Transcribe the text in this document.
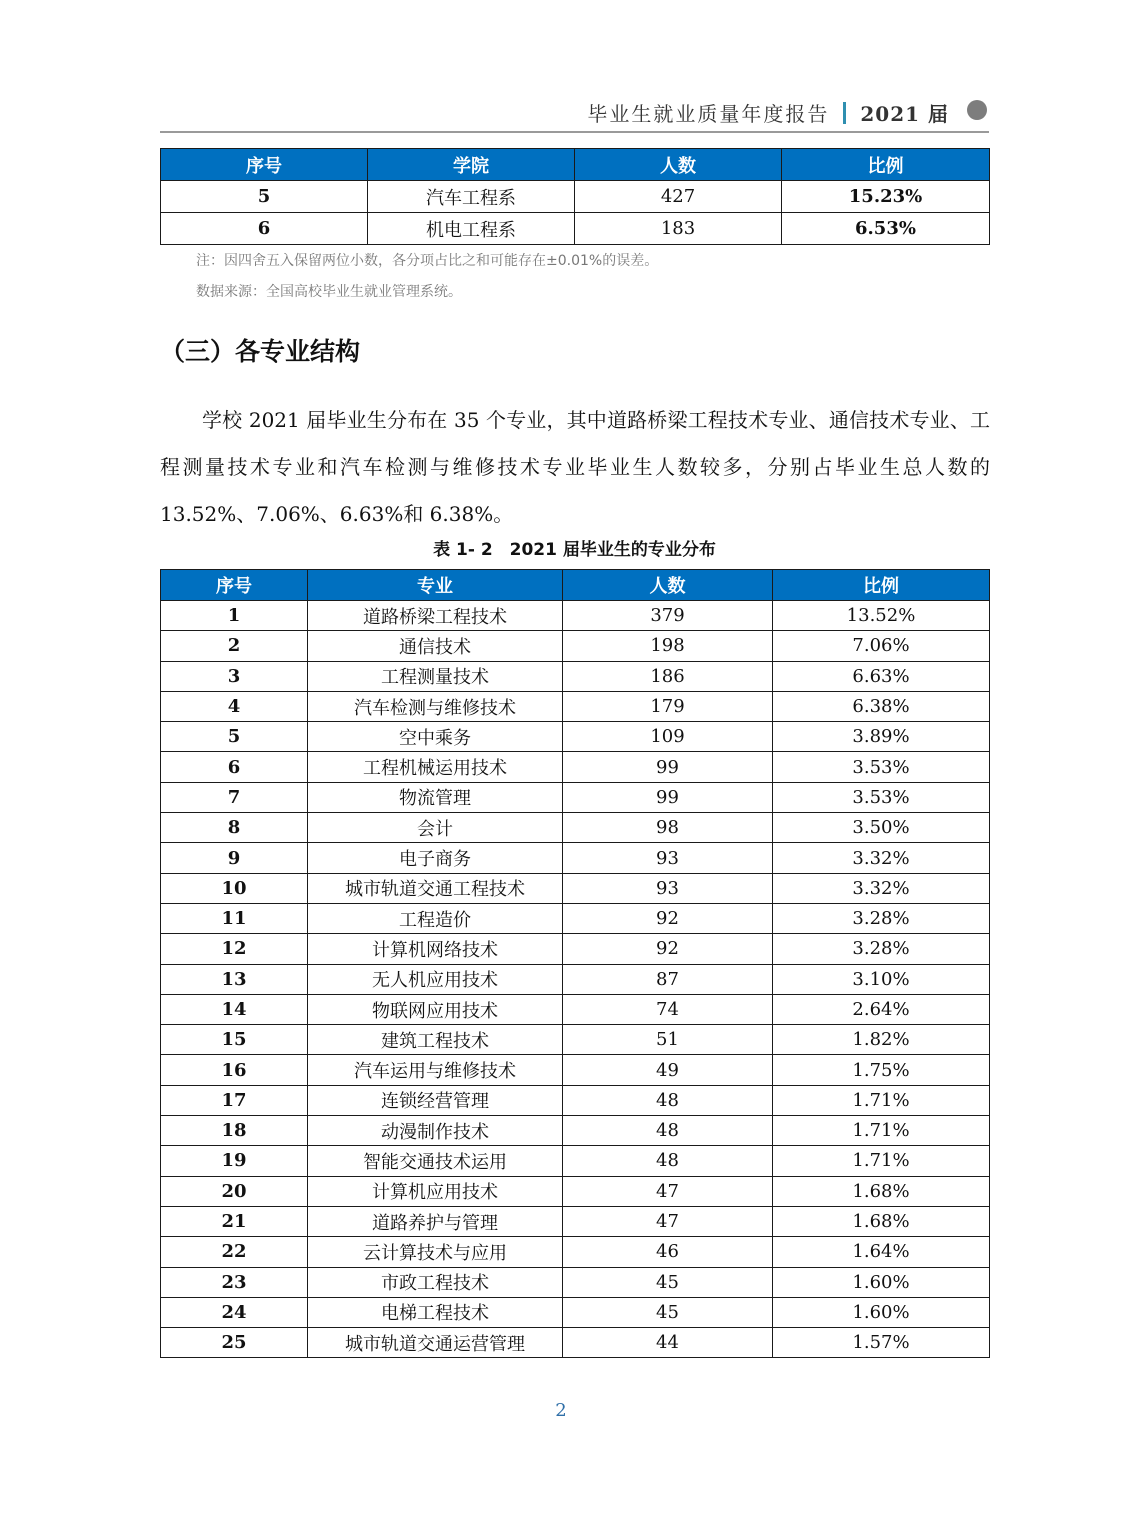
毕业生就业质量年度报告 2021 届
序号	学院	人数	比例
5	汽车工程系	427	15.23%
6	机电工程系	183	6.53%
注：因四舍五入保留两位小数，各分项占比之和可能存在±0.01%的误差。
数据来源：全国高校毕业生就业管理系统。
（三）各专业结构
学校 2021 届毕业生分布在 35 个专业，其中道路桥梁工程技术专业、通信技术专业、工程测量技术专业和汽车检测与维修技术专业毕业生人数较多，分别占毕业生总人数的 13.52%、7.06%、6.63%和 6.38%。
表 1- 2　2021 届毕业生的专业分布
序号	专业	人数	比例
1	道路桥梁工程技术	379	13.52%
2	通信技术	198	7.06%
3	工程测量技术	186	6.63%
4	汽车检测与维修技术	179	6.38%
5	空中乘务	109	3.89%
6	工程机械运用技术	99	3.53%
7	物流管理	99	3.53%
8	会计	98	3.50%
9	电子商务	93	3.32%
10	城市轨道交通工程技术	93	3.32%
11	工程造价	92	3.28%
12	计算机网络技术	92	3.28%
13	无人机应用技术	87	3.10%
14	物联网应用技术	74	2.64%
15	建筑工程技术	51	1.82%
16	汽车运用与维修技术	49	1.75%
17	连锁经营管理	48	1.71%
18	动漫制作技术	48	1.71%
19	智能交通技术运用	48	1.71%
20	计算机应用技术	47	1.68%
21	道路养护与管理	47	1.68%
22	云计算技术与应用	46	1.64%
23	市政工程技术	45	1.60%
24	电梯工程技术	45	1.60%
25	城市轨道交通运营管理	44	1.57%
2
